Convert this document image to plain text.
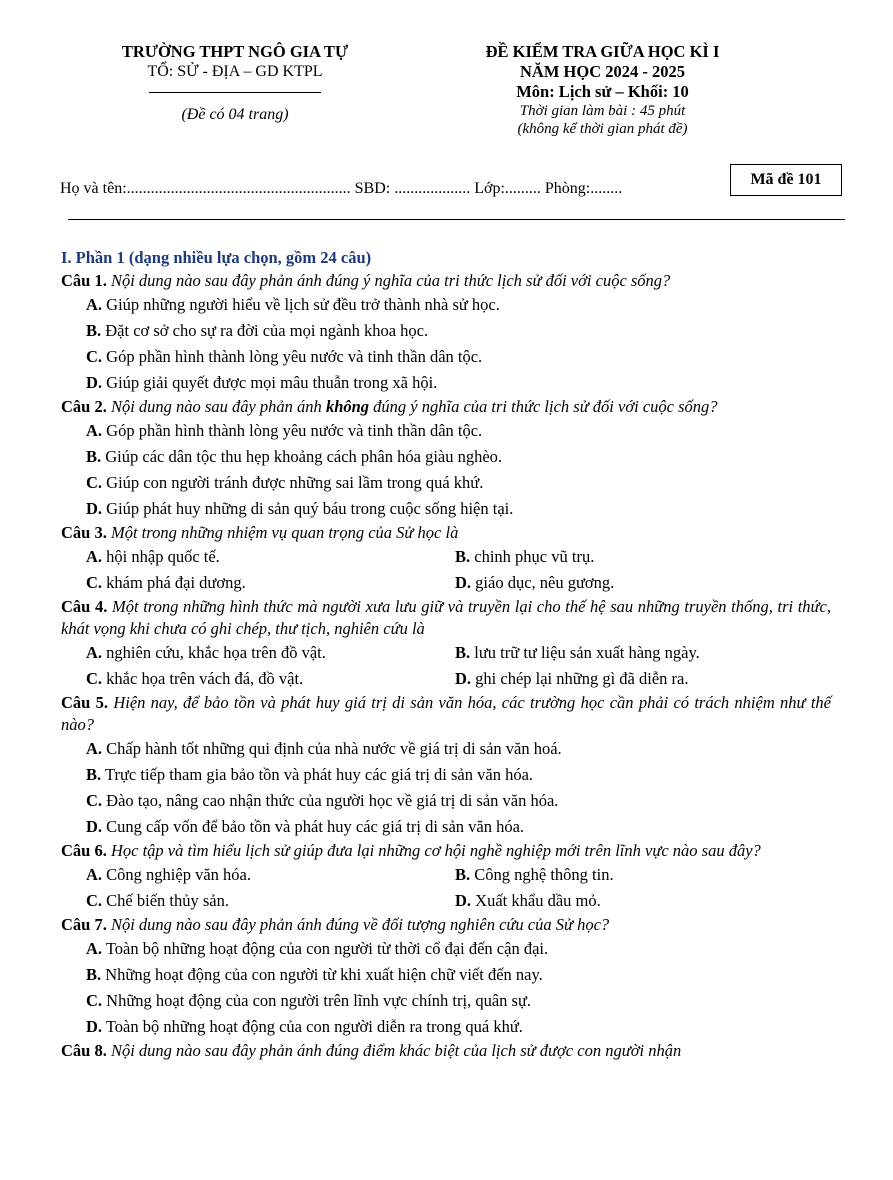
TRƯỜNG THPT NGÔ GIA TỰ
TỔ: SỬ - ĐỊA – GD KTPL
(Đề có 04 trang)
ĐỀ KIỂM TRA GIỮA HỌC KÌ I
NĂM HỌC 2024 - 2025
Môn: Lịch sử – Khối: 10
Thời gian làm bài : 45 phút
(không kể thời gian phát đề)
Họ và tên:........................................................ SBD: ................... Lớp:......... Phòng:........
Mã đề 101
I. Phần 1 (dạng nhiều lựa chọn, gồm 24 câu)
Câu 1. Nội dung nào sau đây phản ánh đúng ý nghĩa của tri thức lịch sử đối với cuộc sống?
A. Giúp những người hiểu về lịch sử đều trở thành nhà sử học.
B. Đặt cơ sở cho sự ra đời của mọi ngành khoa học.
C. Góp phần hình thành lòng yêu nước và tinh thần dân tộc.
D. Giúp giải quyết được mọi mâu thuẫn trong xã hội.
Câu 2. Nội dung nào sau đây phản ánh không đúng ý nghĩa của tri thức lịch sử đối với cuộc sống?
A. Góp phần hình thành lòng yêu nước và tinh thần dân tộc.
B. Giúp các dân tộc thu hẹp khoảng cách phân hóa giàu nghèo.
C. Giúp con người tránh được những sai lầm trong quá khứ.
D. Giúp phát huy những di sản quý báu trong cuộc sống hiện tại.
Câu 3. Một trong những nhiệm vụ quan trọng của Sử học là
A. hội nhập quốc tế.	B. chinh phục vũ trụ.
C. khám phá đại dương.	D. giáo dục, nêu gương.
Câu 4. Một trong những hình thức mà người xưa lưu giữ và truyền lại cho thế hệ sau những truyền thống, tri thức, khát vọng khi chưa có ghi chép, thư tịch, nghiên cứu là
A. nghiên cứu, khắc họa trên đồ vật.	B. lưu trữ tư liệu sản xuất hàng ngày.
C. khắc họa trên vách đá, đồ vật.	D. ghi chép lại những gì đã diễn ra.
Câu 5. Hiện nay, để bảo tồn và phát huy giá trị di sản văn hóa, các trường học cần phải có trách nhiệm như thế nào?
A. Chấp hành tốt những qui định của nhà nước về giá trị di sản văn hoá.
B. Trực tiếp tham gia bảo tồn và phát huy các giá trị di sản văn hóa.
C. Đào tạo, nâng cao nhận thức của người học về giá trị di sản văn hóa.
D. Cung cấp vốn để bảo tồn và phát huy các giá trị di sản văn hóa.
Câu 6. Học tập và tìm hiểu lịch sử giúp đưa lại những cơ hội nghề nghiệp mới trên lĩnh vực nào sau đây?
A. Công nghiệp văn hóa.	B. Công nghệ thông tin.
C. Chế biến thủy sản.	D. Xuất khẩu dầu mỏ.
Câu 7. Nội dung nào sau đây phản ánh đúng về đối tượng nghiên cứu của Sử học?
A. Toàn bộ những hoạt động của con người từ thời cổ đại đến cận đại.
B. Những hoạt động của con người từ khi xuất hiện chữ viết đến nay.
C. Những hoạt động của con người trên lĩnh vực chính trị, quân sự.
D. Toàn bộ những hoạt động của con người diễn ra trong quá khứ.
Câu 8. Nội dung nào sau đây phản ánh đúng điểm khác biệt của lịch sử được con người nhận
